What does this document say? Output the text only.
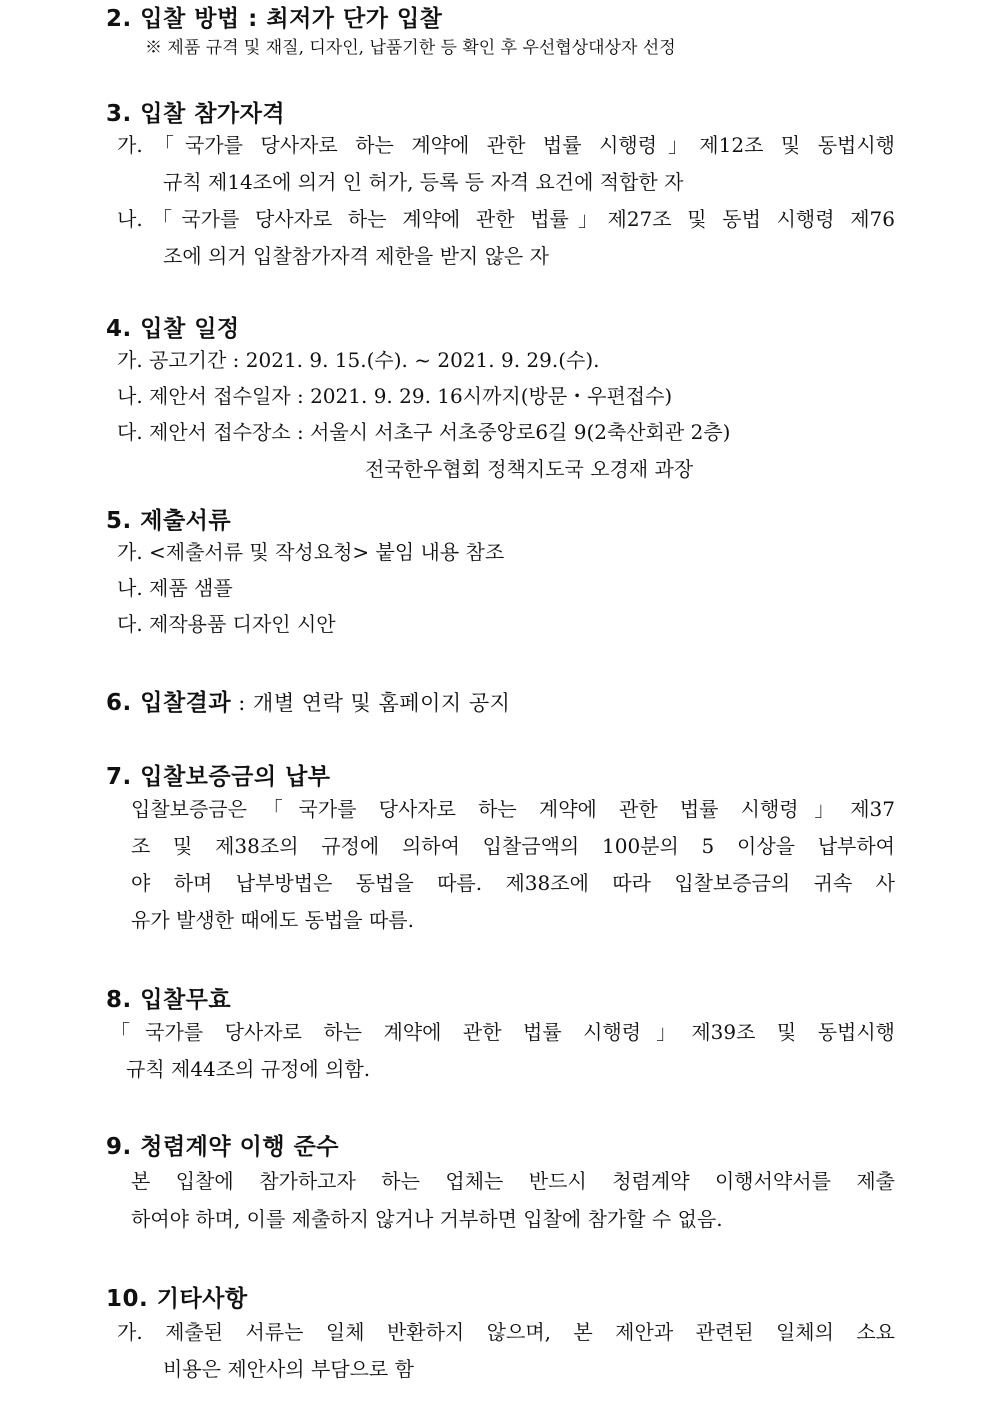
2. 입찰 방법 : 최저가 단가 입찰
※ 제품 규격 및 재질, 디자인, 납품기한 등 확인 후 우선협상대상자 선정
3. 입찰 참가자격
가.「국가를 당사자로 하는 계약에 관한 법률 시행령」제12조 및 동법시행
규칙 제14조에 의거 인 허가, 등록 등 자격 요건에 적합한 자
나.「국가를 당사자로 하는 계약에 관한 법률」제27조 및 동법 시행령 제76
조에 의거 입찰참가자격 제한을 받지 않은 자
4. 입찰 일정
가. 공고기간 : 2021. 9. 15.(수). ~ 2021. 9. 29.(수).
나. 제안서 접수일자 : 2021. 9. 29. 16시까지(방문・우편접수)
다. 제안서 접수장소 : 서울시 서초구 서초중앙로6길 9(2축산회관 2층)
전국한우협회 정책지도국 오경재 과장
5. 제출서류
가. <제출서류 및 작성요청> 붙임 내용 참조
나. 제품 샘플
다. 제작용품 디자인 시안
6. 입찰결과 : 개별 연락 및 홈페이지 공지
7. 입찰보증금의 납부
입찰보증금은「국가를 당사자로 하는 계약에 관한 법률 시행령」제37
조 및 제38조의 규정에 의하여 입찰금액의 100분의 5 이상을 납부하여
야 하며 납부방법은 동법을 따름. 제38조에 따라 입찰보증금의 귀속 사
유가 발생한 때에도 동법을 따름.
8. 입찰무효
「국가를 당사자로 하는 계약에 관한 법률 시행령」제39조 및 동법시행
규칙 제44조의 규정에 의함.
9. 청렴계약 이행 준수
본 입찰에 참가하고자 하는 업체는 반드시 청렴계약 이행서약서를 제출
하여야 하며, 이를 제출하지 않거나 거부하면 입찰에 참가할 수 없음.
10. 기타사항
가. 제출된 서류는 일체 반환하지 않으며, 본 제안과 관련된 일체의 소요
비용은 제안사의 부담으로 함
